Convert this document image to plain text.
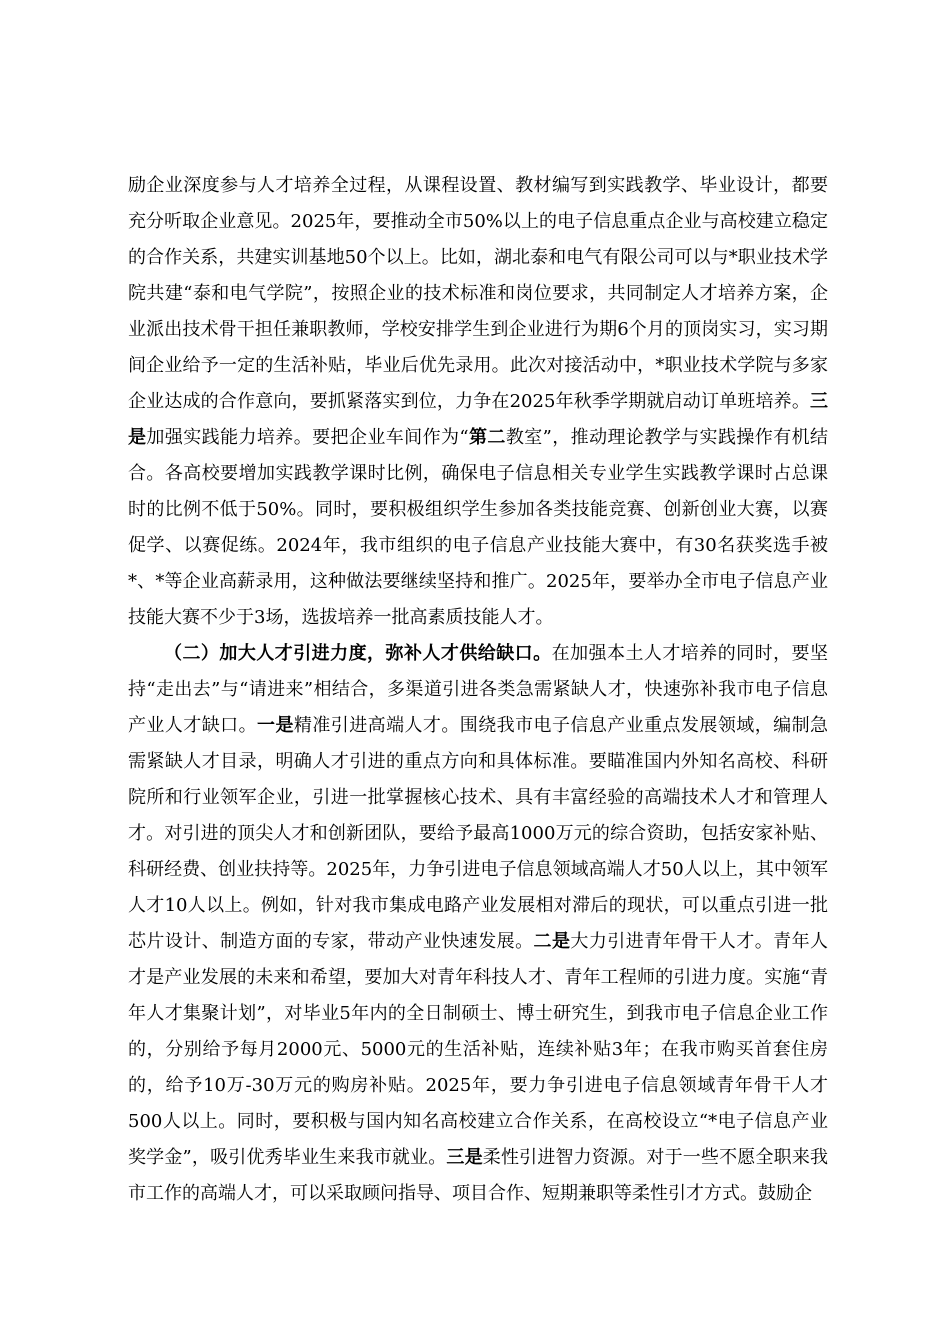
励企业深度参与人才培养全过程，从课程设置、教材编写到实践教学、毕业设计，都要充分听取企业意见。2025年，要推动全市50%以上的电子信息重点企业与高校建立稳定的合作关系，共建实训基地50个以上。比如，湖北泰和电气有限公司可以与*职业技术学院共建“泰和电气学院”，按照企业的技术标准和岗位要求，共同制定人才培养方案，企业派出技术骨干担任兼职教师，学校安排学生到企业进行为期6个月的顶岗实习，实习期间企业给予一定的生活补贴，毕业后优先录用。此次对接活动中，*职业技术学院与多家企业达成的合作意向，要抓紧落实到位，力争在2025年秋季学期就启动订单班培养。三是加强实践能力培养。要把企业车间作为“第二教室”，推动理论教学与实践操作有机结合。各高校要增加实践教学课时比例，确保电子信息相关专业学生实践教学课时占总课时的比例不低于50%。同时，要积极组织学生参加各类技能竞赛、创新创业大赛，以赛促学、以赛促练。2024年，我市组织的电子信息产业技能大赛中，有30名获奖选手被*、*等企业高薪录用，这种做法要继续坚持和推广。2025年，要举办全市电子信息产业技能大赛不少于3场，选拔培养一批高素质技能人才。

（二）加大人才引进力度，弥补人才供给缺口。在加强本土人才培养的同时，要坚持“走出去”与“请进来”相结合，多渠道引进各类急需紧缺人才，快速弥补我市电子信息产业人才缺口。一是精准引进高端人才。围绕我市电子信息产业重点发展领域，编制急需紧缺人才目录，明确人才引进的重点方向和具体标准。要瞄准国内外知名高校、科研院所和行业领军企业，引进一批掌握核心技术、具有丰富经验的高端技术人才和管理人才。对引进的顶尖人才和创新团队，要给予最高1000万元的综合资助，包括安家补贴、科研经费、创业扶持等。2025年，力争引进电子信息领域高端人才50人以上，其中领军人才10人以上。例如，针对我市集成电路产业发展相对滞后的现状，可以重点引进一批芯片设计、制造方面的专家，带动产业快速发展。二是大力引进青年骨干人才。青年人才是产业发展的未来和希望，要加大对青年科技人才、青年工程师的引进力度。实施“青年人才集聚计划”，对毕业5年内的全日制硕士、博士研究生，到我市电子信息企业工作的，分别给予每月2000元、5000元的生活补贴，连续补贴3年；在我市购买首套住房的，给予10万-30万元的购房补贴。2025年，要力争引进电子信息领域青年骨干人才500人以上。同时，要积极与国内知名高校建立合作关系，在高校设立“*电子信息产业奖学金”，吸引优秀毕业生来我市就业。三是柔性引进智力资源。对于一些不愿全职来我市工作的高端人才，可以采取顾问指导、项目合作、短期兼职等柔性引才方式。鼓励企
